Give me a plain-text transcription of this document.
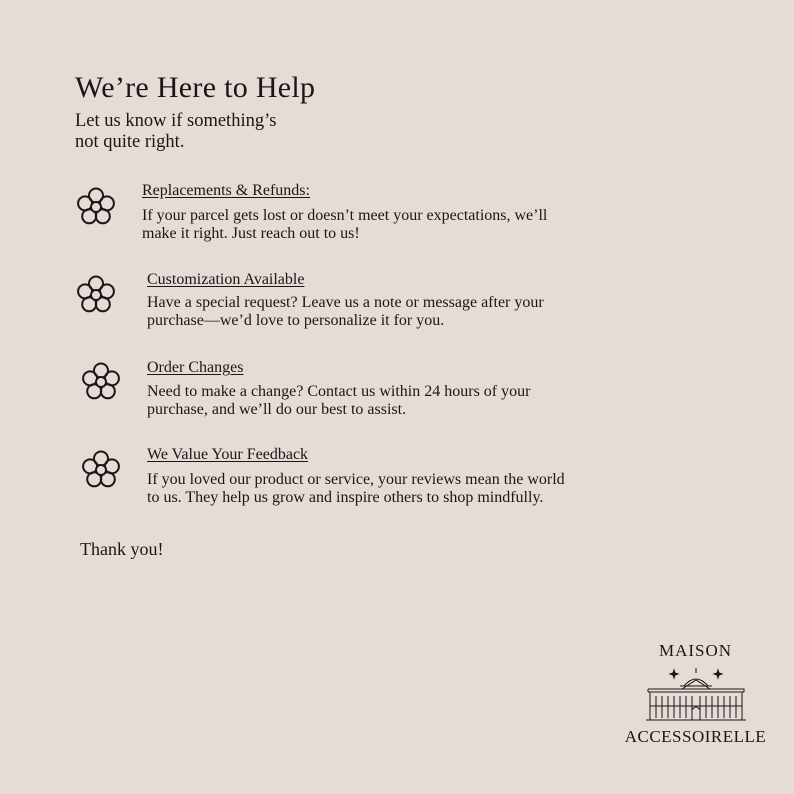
We’re Here to Help

Let us know if something’s
not quite right.

Replacements & Refunds:
If your parcel gets lost or doesn’t meet your expectations, we’ll
make it right. Just reach out to us!
Customization Available
Have a special request? Leave us a note or message after your
purchase—we’d love to personalize it for you.
Order Changes
Need to make a change? Contact us within 24 hours of your
purchase, and we’ll do our best to assist.
We Value Your Feedback
If you loved our product or service, your reviews mean the world
to us. They help us grow and inspire others to shop mindfully.
Thank you!
MAISON
ACCESSOIRELLE
